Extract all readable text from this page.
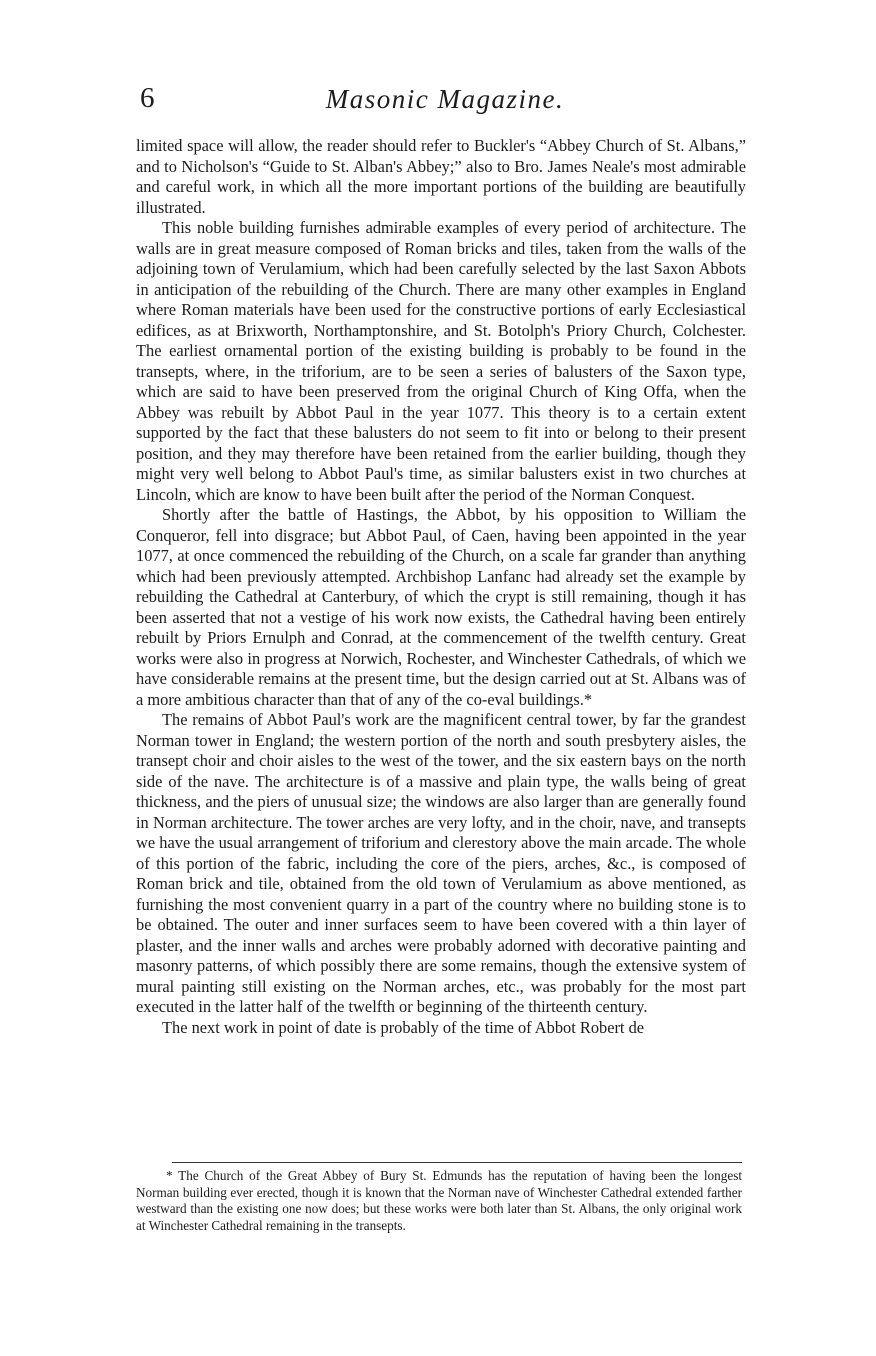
6	Masonic Magazine.

limited space will allow, the reader should refer to Buckler's “Abbey Church of St. Albans,” and to Nicholson's “Guide to St. Alban's Abbey;” also to Bro. James Neale's most admirable and careful work, in which all the more important portions of the building are beautifully illustrated.

This noble building furnishes admirable examples of every period of architecture. The walls are in great measure composed of Roman bricks and tiles, taken from the walls of the adjoining town of Verulamium, which had been carefully selected by the last Saxon Abbots in anticipation of the rebuilding of the Church. There are many other examples in England where Roman materials have been used for the constructive portions of early Ecclesiastical edifices, as at Brixworth, Northamptonshire, and St. Botolph's Priory Church, Colchester. The earliest ornamental portion of the existing building is probably to be found in the transepts, where, in the triforium, are to be seen a series of balusters of the Saxon type, which are said to have been preserved from the original Church of King Offa, when the Abbey was rebuilt by Abbot Paul in the year 1077. This theory is to a certain extent supported by the fact that these balusters do not seem to fit into or belong to their present position, and they may therefore have been retained from the earlier building, though they might very well belong to Abbot Paul's time, as similar balusters exist in two churches at Lincoln, which are know to have been built after the period of the Norman Conquest.

Shortly after the battle of Hastings, the Abbot, by his opposition to William the Conqueror, fell into disgrace; but Abbot Paul, of Caen, having been appointed in the year 1077, at once commenced the rebuilding of the Church, on a scale far grander than anything which had been previously attempted. Archbishop Lanfanc had already set the example by rebuilding the Cathedral at Canterbury, of which the crypt is still remaining, though it has been asserted that not a vestige of his work now exists, the Cathedral having been entirely rebuilt by Priors Ernulph and Conrad, at the commencement of the twelfth century. Great works were also in progress at Norwich, Rochester, and Winchester Cathedrals, of which we have considerable remains at the present time, but the design carried out at St. Albans was of a more ambitious character than that of any of the co-eval buildings.*

The remains of Abbot Paul's work are the magnificent central tower, by far the grandest Norman tower in England; the western portion of the north and south presbytery aisles, the transept choir and choir aisles to the west of the tower, and the six eastern bays on the north side of the nave. The architecture is of a massive and plain type, the walls being of great thickness, and the piers of unusual size; the windows are also larger than are generally found in Norman architecture. The tower arches are very lofty, and in the choir, nave, and transepts we have the usual arrangement of triforium and clerestory above the main arcade. The whole of this portion of the fabric, including the core of the piers, arches, &c., is composed of Roman brick and tile, obtained from the old town of Verulamium as above mentioned, as furnishing the most convenient quarry in a part of the country where no building stone is to be obtained. The outer and inner surfaces seem to have been covered with a thin layer of plaster, and the inner walls and arches were probably adorned with decorative painting and masonry patterns, of which possibly there are some remains, though the extensive system of mural painting still existing on the Norman arches, etc., was probably for the most part executed in the latter half of the twelfth or beginning of the thirteenth century.

The next work in point of date is probably of the time of Abbot Robert de

* The Church of the Great Abbey of Bury St. Edmunds has the reputation of having been the longest Norman building ever erected, though it is known that the Norman nave of Winchester Cathedral extended farther westward than the existing one now does; but these works were both later than St. Albans, the only original work at Winchester Cathedral remaining in the transepts.
